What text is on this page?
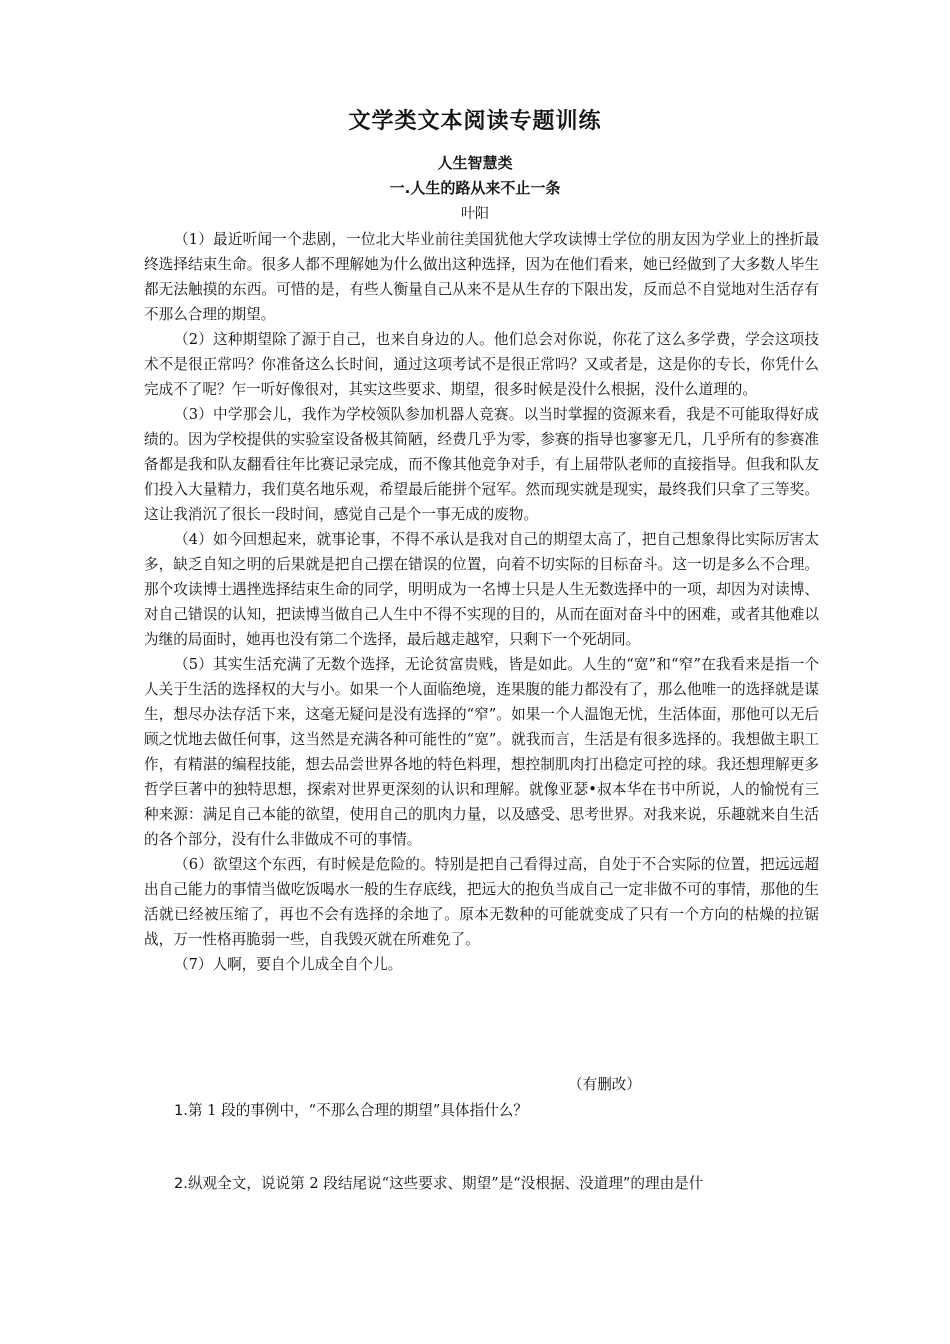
文学类文本阅读专题训练
人生智慧类
一.人生的路从来不止一条

叶阳

（1）最近听闻一个悲剧，一位北大毕业前往美国犹他大学攻读博士学位的朋友因为学业上的挫折最终选择结束生命。很多人都不理解她为什么做出这种选择，因为在他们看来，她已经做到了大多数人毕生都无法触摸的东西。可惜的是，有些人衡量自己从来不是从生存的下限出发，反而总不自觉地对生活存有不那么合理的期望。

（2）这种期望除了源于自己，也来自身边的人。他们总会对你说，你花了这么多学费，学会这项技术不是很正常吗？你准备这么长时间，通过这项考试不是很正常吗？又或者是，这是你的专长，你凭什么完成不了呢？乍一听好像很对，其实这些要求、期望，很多时候是没什么根据，没什么道理的。

（3）中学那会儿，我作为学校领队参加机器人竞赛。以当时掌握的资源来看，我是不可能取得好成绩的。因为学校提供的实验室设备极其简陋，经费几乎为零，参赛的指导也寥寥无几，几乎所有的参赛准备都是我和队友翻看往年比赛记录完成，而不像其他竞争对手，有上届带队老师的直接指导。但我和队友们投入大量精力，我们莫名地乐观，希望最后能拼个冠军。然而现实就是现实，最终我们只拿了三等奖。这让我消沉了很长一段时间，感觉自己是个一事无成的废物。

（4）如今回想起来，就事论事，不得不承认是我对自己的期望太高了，把自己想象得比实际厉害太多，缺乏自知之明的后果就是把自己摆在错误的位置，向着不切实际的目标奋斗。这一切是多么不合理。那个攻读博士遇挫选择结束生命的同学，明明成为一名博士只是人生无数选择中的一项，却因为对读博、对自己错误的认知，把读博当做自己人生中不得不实现的目的，从而在面对奋斗中的困难，或者其他难以为继的局面时，她再也没有第二个选择，最后越走越窄，只剩下一个死胡同。

（5）其实生活充满了无数个选择，无论贫富贵贱，皆是如此。人生的“宽”和“窄”在我看来是指一个人关于生活的选择权的大与小。如果一个人面临绝境，连果腹的能力都没有了，那么他唯一的选择就是谋生，想尽办法存活下来，这毫无疑问是没有选择的“窄”。如果一个人温饱无忧，生活体面，那他可以无后顾之忧地去做任何事，这当然是充满各种可能性的“宽”。就我而言，生活是有很多选择的。我想做主职工作，有精湛的编程技能，想去品尝世界各地的特色料理，想控制肌肉打出稳定可控的球。我还想理解更多哲学巨著中的独特思想，探索对世界更深刻的认识和理解。就像亚瑟•叔本华在书中所说，人的愉悦有三种来源：满足自己本能的欲望，使用自己的肌肉力量，以及感受、思考世界。对我来说，乐趣就来自生活的各个部分，没有什么非做成不可的事情。

（6）欲望这个东西，有时候是危险的。特别是把自己看得过高，自处于不合实际的位置，把远远超出自己能力的事情当做吃饭喝水一般的生存底线，把远大的抱负当成自己一定非做不可的事情，那他的生活就已经被压缩了，再也不会有选择的余地了。原本无数种的可能就变成了只有一个方向的枯燥的拉锯战，万一性格再脆弱一些，自我毁灭就在所难免了。

（7）人啊，要自个儿成全自个儿。

（有删改）

1.第 1 段的事例中，“不那么合理的期望”具体指什么？

2.纵观全文，说说第 2 段结尾说“这些要求、期望”是“没根据、没道理”的理由是什
